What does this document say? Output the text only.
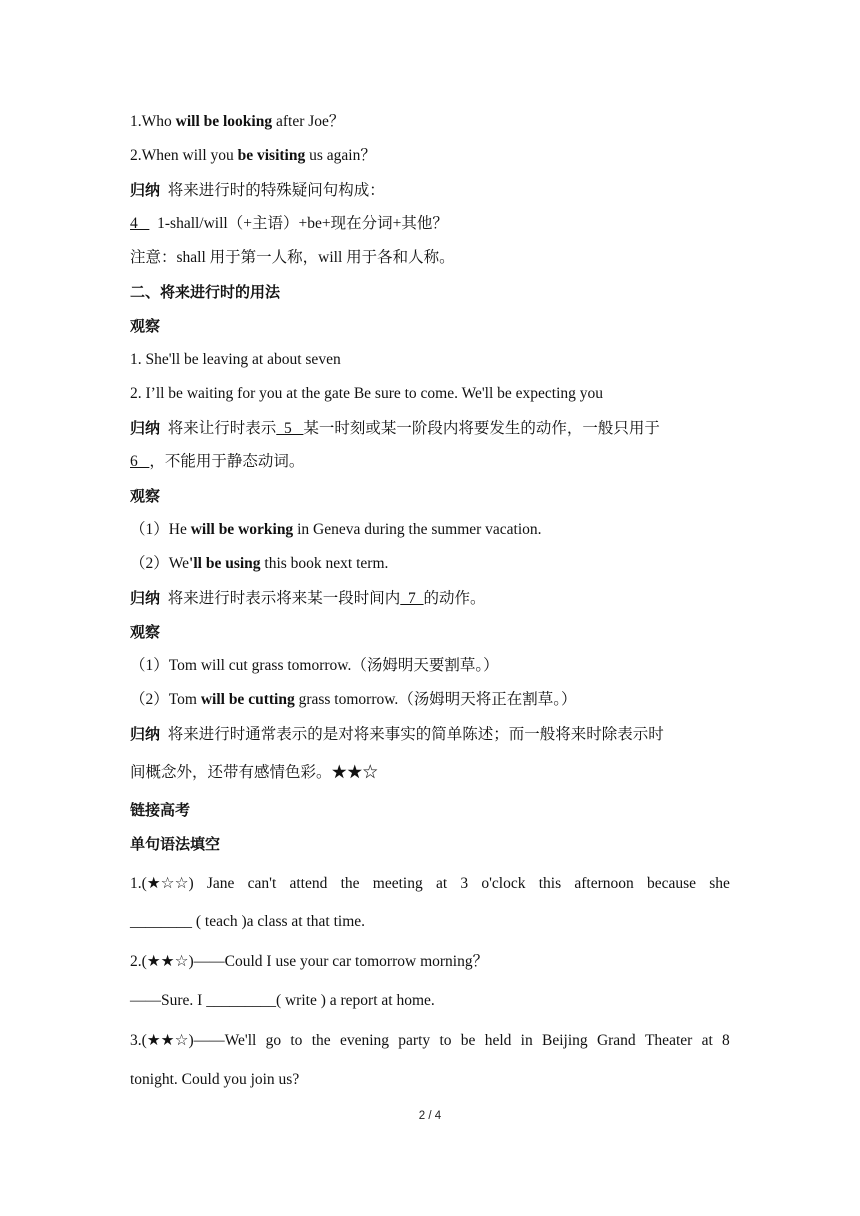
1.Who will be looking after Joe？
2.When will you be visiting us again？
归纳  将来进行时的特殊疑问句构成：
4     1-shall/will（+主语）+be+现在分词+其他？
注意：shall 用于第一人称，will 用于各和人称。
二、将来进行时的用法
观察
1. She'll be leaving at about seven
2. I’ll be waiting for you at the gate Be sure to come. We'll be expecting you
归纳  将来让行时表示  5   某一时刻或某一阶段内将要发生的动作，一般只用于
6   ，不能用于静态动词。
观察
（1）He will be working in Geneva during the summer vacation.
（2）We'll be using this book next term.
归纳  将来进行时表示将来某一段时间内  7  的动作。
观察
（1）Tom will cut grass tomorrow.（汤姆明天要割草。）
（2）Tom will be cutting grass tomorrow.（汤姆明天将正在割草。）
归纳  将来进行时通常表示的是对将来事实的简单陈述；而一般将来时除表示时
间概念外，还带有感情色彩。★★☆
链接高考
单句语法填空
1.(★☆☆) Jane can't attend the meeting at 3 o'clock this afternoon because she
________ ( teach )a class at that time.
2.(★★☆)——Could I use your car tomorrow morning？
——Sure. I _________( write ) a report at home.
3.(★★☆)——We'll go to the evening party to be held in Beijing Grand Theater at 8
tonight. Could you join us?
2 / 4
